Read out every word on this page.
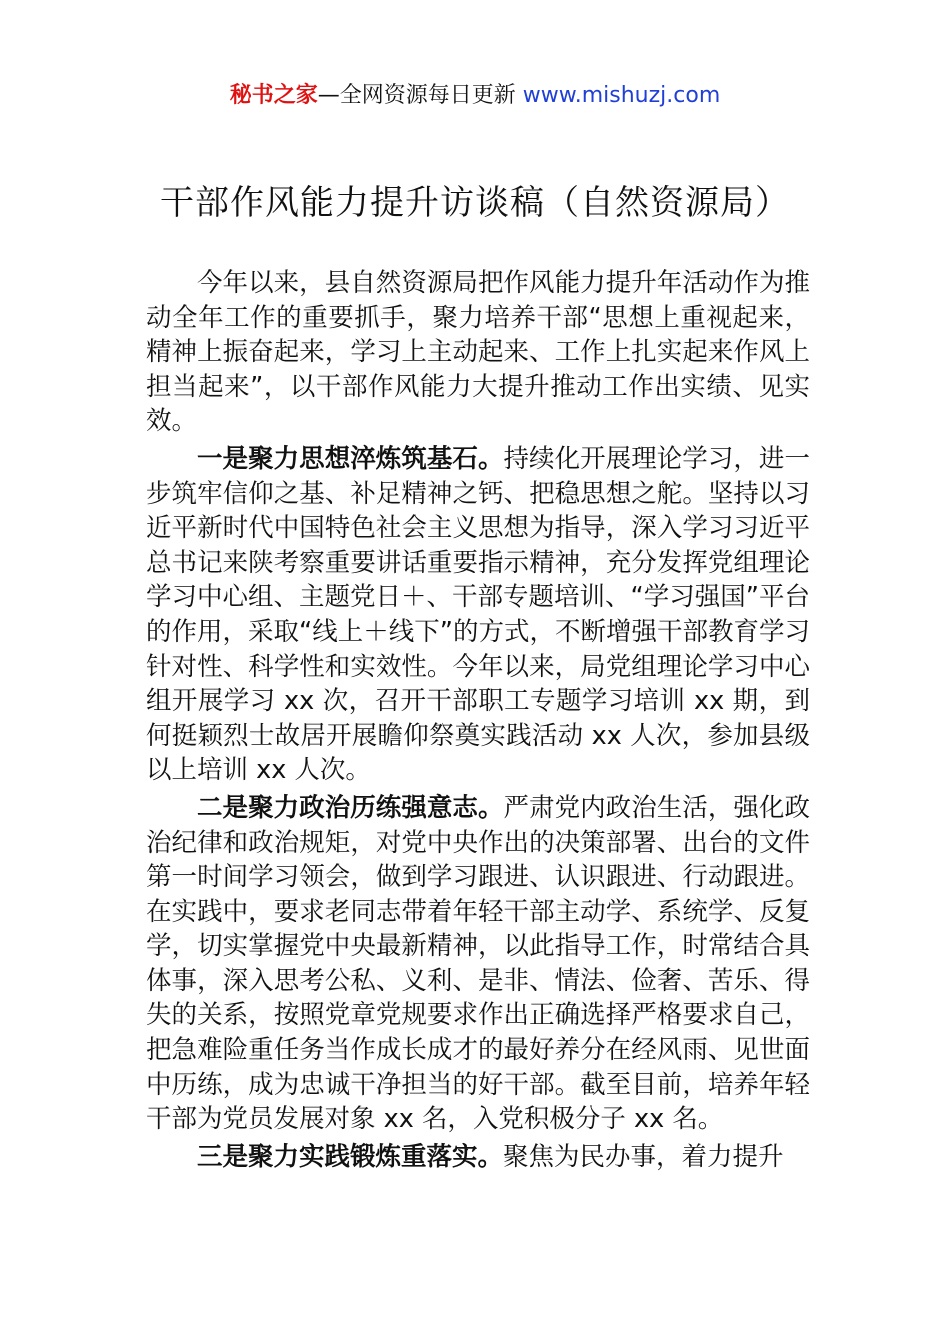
秘书之家—全网资源每日更新 www.mishuzj.com
干部作风能力提升访谈稿（自然资源局）

今年以来，县自然资源局把作风能力提升年活动作为推动全年工作的重要抓手，聚力培养干部“思想上重视起来，精神上振奋起来，学习上主动起来、工作上扎实起来作风上担当起来”，以干部作风能力大提升推动工作出实绩、见实效。

一是聚力思想淬炼筑基石。持续化开展理论学习，进一步筑牢信仰之基、补足精神之钙、把稳思想之舵。坚持以习近平新时代中国特色社会主义思想为指导，深入学习习近平总书记来陕考察重要讲话重要指示精神，充分发挥党组理论学习中心组、主题党日＋、干部专题培训、“学习强国”平台的作用，采取“线上＋线下”的方式，不断增强干部教育学习针对性、科学性和实效性。今年以来，局党组理论学习中心组开展学习 xx 次，召开干部职工专题学习培训 xx 期，到何挺颖烈士故居开展瞻仰祭奠实践活动 xx 人次，参加县级以上培训 xx 人次。

二是聚力政治历练强意志。严肃党内政治生活，强化政治纪律和政治规矩，对党中央作出的决策部署、出台的文件第一时间学习领会，做到学习跟进、认识跟进、行动跟进。在实践中，要求老同志带着年轻干部主动学、系统学、反复学，切实掌握党中央最新精神，以此指导工作，时常结合具体事，深入思考公私、义利、是非、情法、俭奢、苦乐、得失的关系，按照党章党规要求作出正确选择严格要求自己，把急难险重任务当作成长成才的最好养分在经风雨、见世面中历练，成为忠诚干净担当的好干部。截至目前，培养年轻干部为党员发展对象 xx 名，入党积极分子 xx 名。

三是聚力实践锻炼重落实。聚焦为民办事，着力提升
